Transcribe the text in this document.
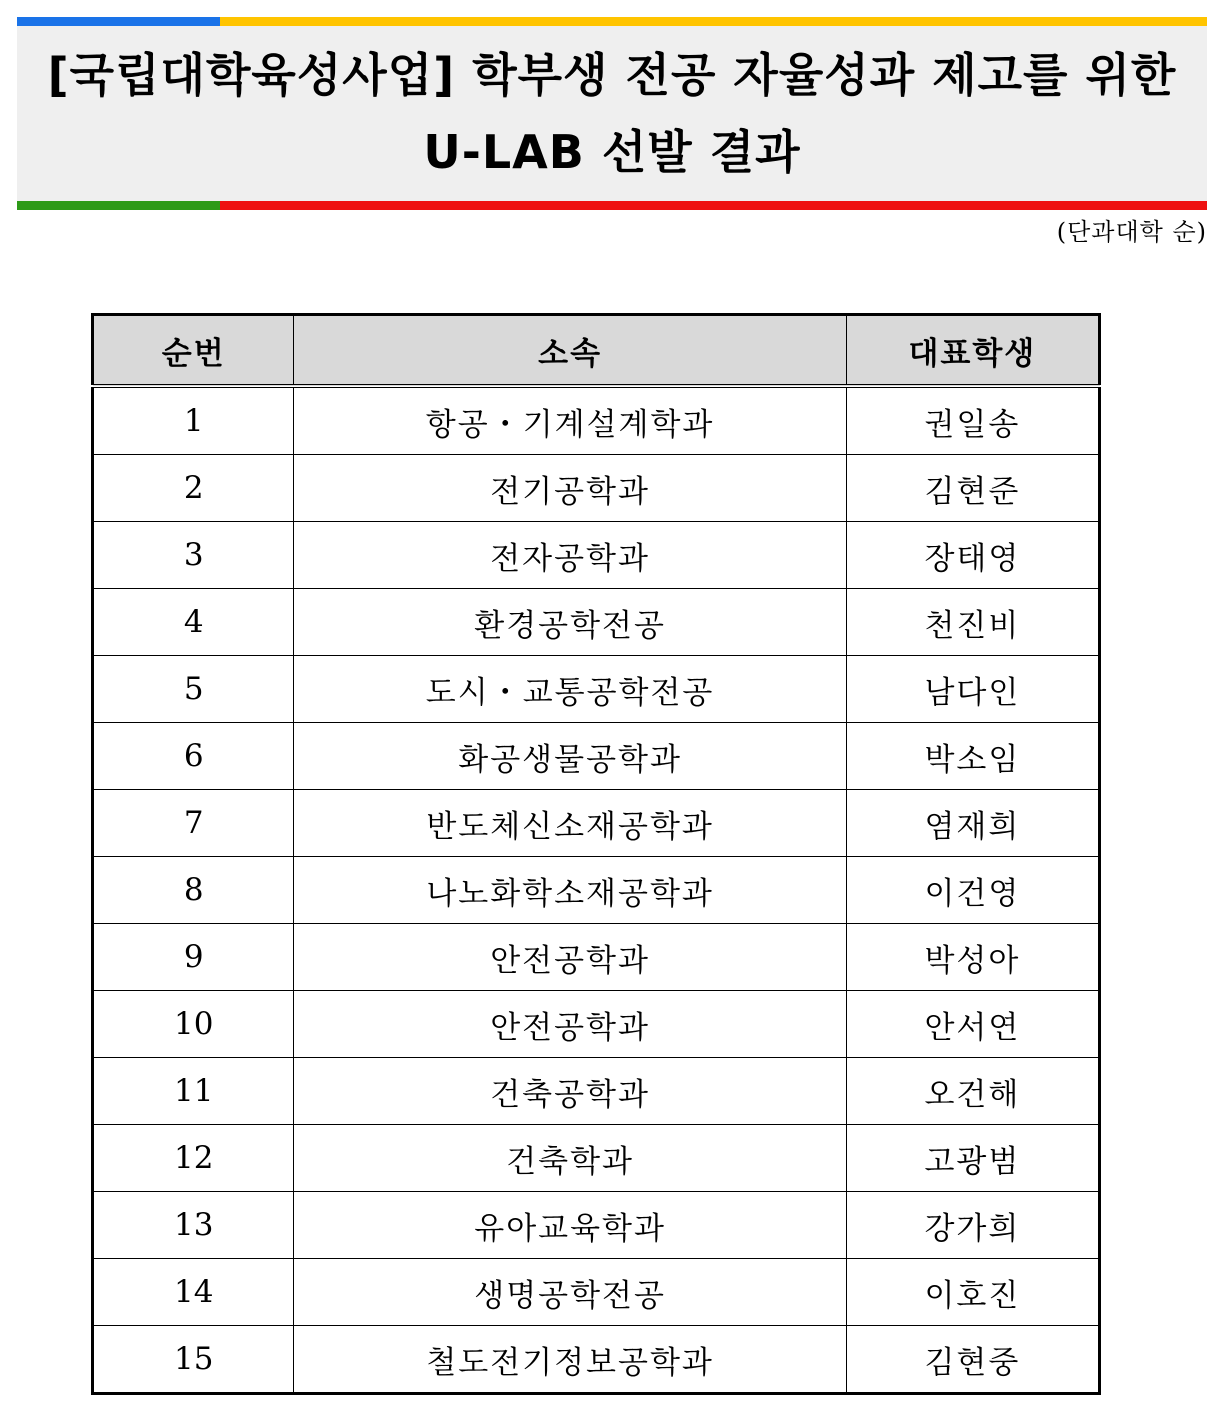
[국립대학육성사업] 학부생 전공 자율성과 제고를 위한
U-LAB 선발 결과
(단과대학 순)
순번	소속	대표학생
1	항공・기계설계학과	권일송
2	전기공학과	김현준
3	전자공학과	장태영
4	환경공학전공	천진비
5	도시・교통공학전공	남다인
6	화공생물공학과	박소임
7	반도체신소재공학과	염재희
8	나노화학소재공학과	이건영
9	안전공학과	박성아
10	안전공학과	안서연
11	건축공학과	오건해
12	건축학과	고광범
13	유아교육학과	강가희
14	생명공학전공	이호진
15	철도전기정보공학과	김현중
